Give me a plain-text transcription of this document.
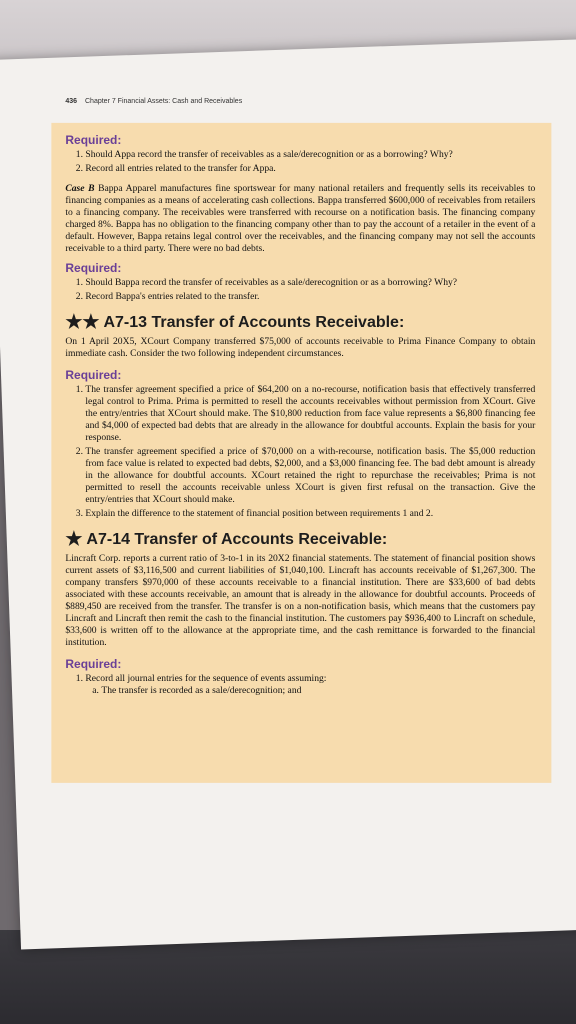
436 Chapter 7 Financial Assets: Cash and Receivables
Required:
1. Should Appa record the transfer of receivables as a sale/derecognition or as a borrowing? Why?
2. Record all entries related to the transfer for Appa.

Case B Bappa Apparel manufactures fine sportswear for many national retailers and frequently sells its receivables to financing companies as a means of accelerating cash collections. Bappa transferred $600,000 of receivables from retailers to a financing company. The receivables were transferred with recourse on a notification basis. The financing company charged 8%. Bappa has no obligation to the financing company other than to pay the account of a retailer in the event of a default. However, Bappa retains legal control over the receivables, and the financing company may not sell the accounts receivable to a third party. There were no bad debts.

Required:
1. Should Bappa record the transfer of receivables as a sale/derecognition or as a borrowing? Why?
2. Record Bappa's entries related to the transfer.
★★ A7-13 Transfer of Accounts Receivable:

On 1 April 20X5, XCourt Company transferred $75,000 of accounts receivable to Prima Finance Company to obtain immediate cash. Consider the two following independent circumstances.

Required:
1. The transfer agreement specified a price of $64,200 on a no-recourse, notification basis that effectively transferred legal control to Prima. Prima is permitted to resell the accounts receivables without permission from XCourt. Give the entry/entries that XCourt should make. The $10,800 reduction from face value represents a $6,800 financing fee and $4,000 of expected bad debts that are already in the allowance for doubtful accounts. Explain the basis for your response.
2. The transfer agreement specified a price of $70,000 on a with-recourse, notification basis. The $5,000 reduction from face value is related to expected bad debts, $2,000, and a $3,000 financing fee. The bad debt amount is already in the allowance for doubtful accounts. XCourt retained the right to repurchase the receivables; Prima is not permitted to resell the accounts receivable unless XCourt is given first refusal on the transaction. Give the entry/entries that XCourt should make.
3. Explain the difference to the statement of financial position between requirements 1 and 2.
★ A7-14 Transfer of Accounts Receivable:

Lincraft Corp. reports a current ratio of 3-to-1 in its 20X2 financial statements. The statement of financial position shows current assets of $3,116,500 and current liabilities of $1,040,100. Lincraft has accounts receivable of $1,267,300. The company transfers $970,000 of these accounts receivable to a financial institution. There are $33,600 of bad debts associated with these accounts receivable, an amount that is already in the allowance for doubtful accounts. Proceeds of $889,450 are received from the transfer. The transfer is on a non-notification basis, which means that the customers pay Lincraft and Lincraft then remit the cash to the financial institution. The customers pay $936,400 to Lincraft on schedule, $33,600 is written off to the allowance at the appropriate time, and the cash remittance is forwarded to the financial institution.

Required:
1. Record all journal entries for the sequence of events assuming:
a. The transfer is recorded as a sale/derecognition; and
